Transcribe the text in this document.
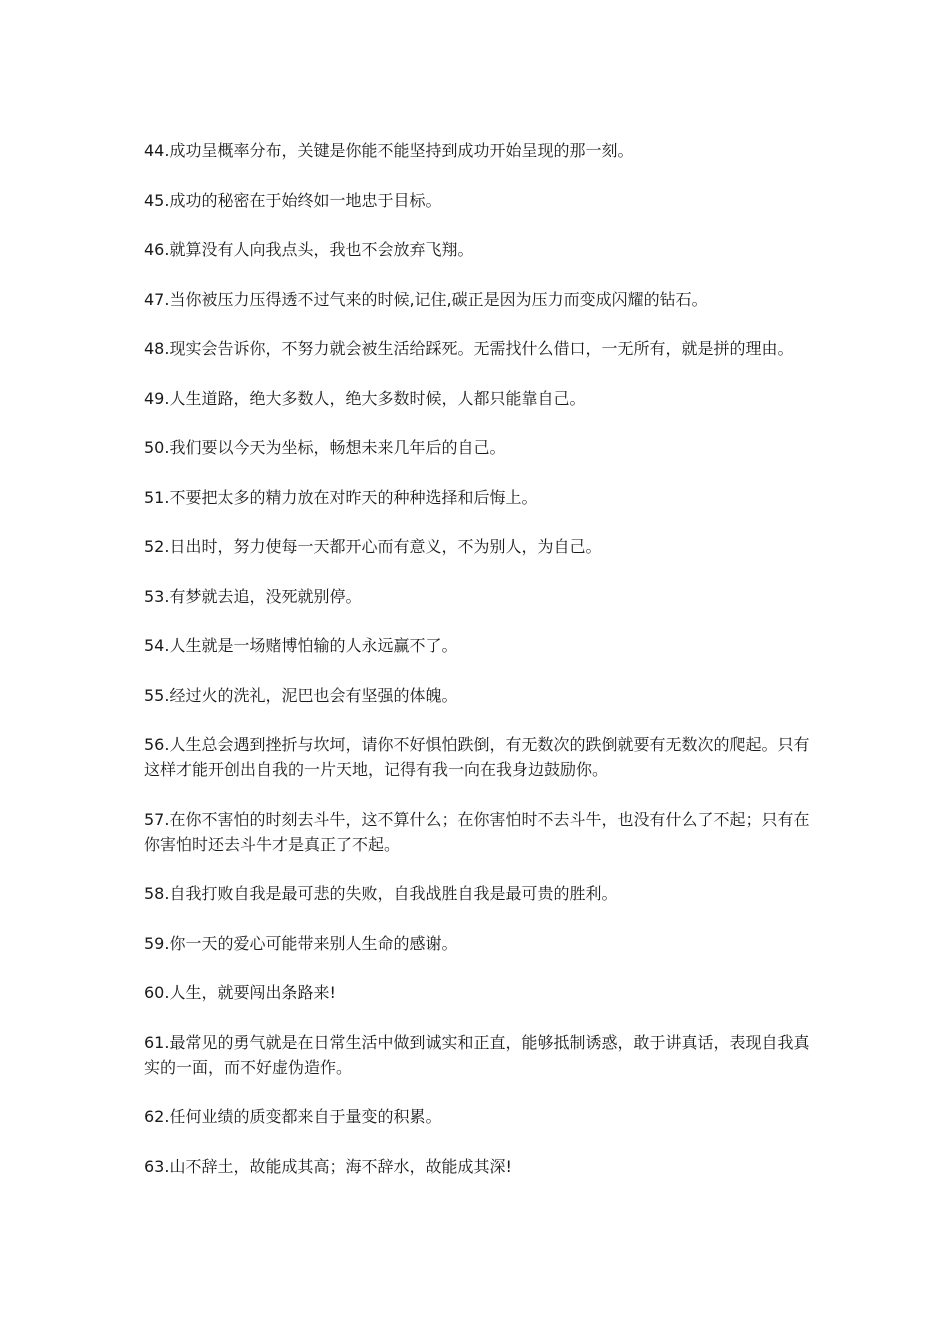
44.成功呈概率分布，关键是你能不能坚持到成功开始呈现的那一刻。
45.成功的秘密在于始终如一地忠于目标。
46.就算没有人向我点头，我也不会放弃飞翔。
47.当你被压力压得透不过气来的时候,记住,碳正是因为压力而变成闪耀的钻石。
48.现实会告诉你，不努力就会被生活给踩死。无需找什么借口，一无所有，就是拼的理由。
49.人生道路，绝大多数人，绝大多数时候，人都只能靠自己。
50.我们要以今天为坐标，畅想未来几年后的自己。
51.不要把太多的精力放在对昨天的种种选择和后悔上。
52.日出时，努力使每一天都开心而有意义，不为别人，为自己。
53.有梦就去追，没死就别停。
54.人生就是一场赌博怕输的人永远赢不了。
55.经过火的洗礼，泥巴也会有坚强的体魄。
56.人生总会遇到挫折与坎坷，请你不好惧怕跌倒，有无数次的跌倒就要有无数次的爬起。只有这样才能开创出自我的一片天地，记得有我一向在我身边鼓励你。
57.在你不害怕的时刻去斗牛，这不算什么；在你害怕时不去斗牛，也没有什么了不起；只有在你害怕时还去斗牛才是真正了不起。
58.自我打败自我是最可悲的失败，自我战胜自我是最可贵的胜利。
59.你一天的爱心可能带来别人生命的感谢。
60.人生，就要闯出条路来!
61.最常见的勇气就是在日常生活中做到诚实和正直，能够抵制诱惑，敢于讲真话，表现自我真实的一面，而不好虚伪造作。
62.任何业绩的质变都来自于量变的积累。
63.山不辞土，故能成其高；海不辞水，故能成其深!
